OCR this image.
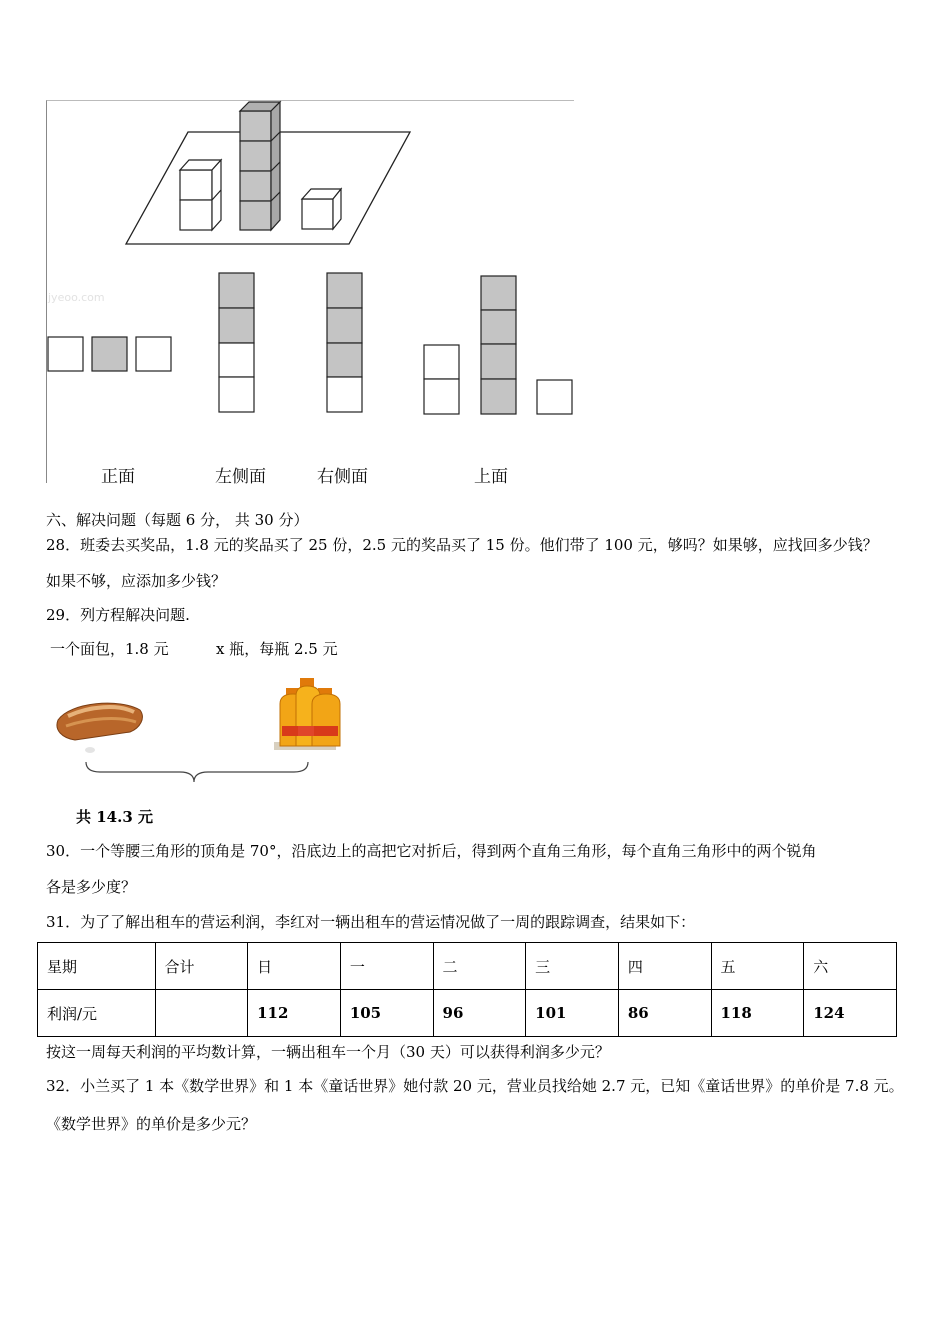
jyeoo.com
正面	左侧面	右侧面	上面
六、解决问题（每题 6 分， 共 30 分）
28．班委去买奖品，1.8 元的奖品买了 25 份，2.5 元的奖品买了 15 份。他们带了 100 元，够吗？如果够，应找回多少钱？
如果不够，应添加多少钱？
29．列方程解决问题.
一个面包，1.8 元	x 瓶，每瓶 2.5 元
共 14.3 元
30．一个等腰三角形的顶角是 70°，沿底边上的高把它对折后，得到两个直角三角形，每个直角三角形中的两个锐角
各是多少度？
31．为了了解出租车的营运利润，李红对一辆出租车的营运情况做了一周的跟踪调查，结果如下：
星期	合计	日	一	二	三	四	五	六
利润/元		112	105	96	101	86	118	124
按这一周每天利润的平均数计算，一辆出租车一个月（30 天）可以获得利润多少元？
32．小兰买了 1 本《数学世界》和 1 本《童话世界》她付款 20 元，营业员找给她 2.7 元，已知《童话世界》的单价是 7.8 元。
《数学世界》的单价是多少元？
